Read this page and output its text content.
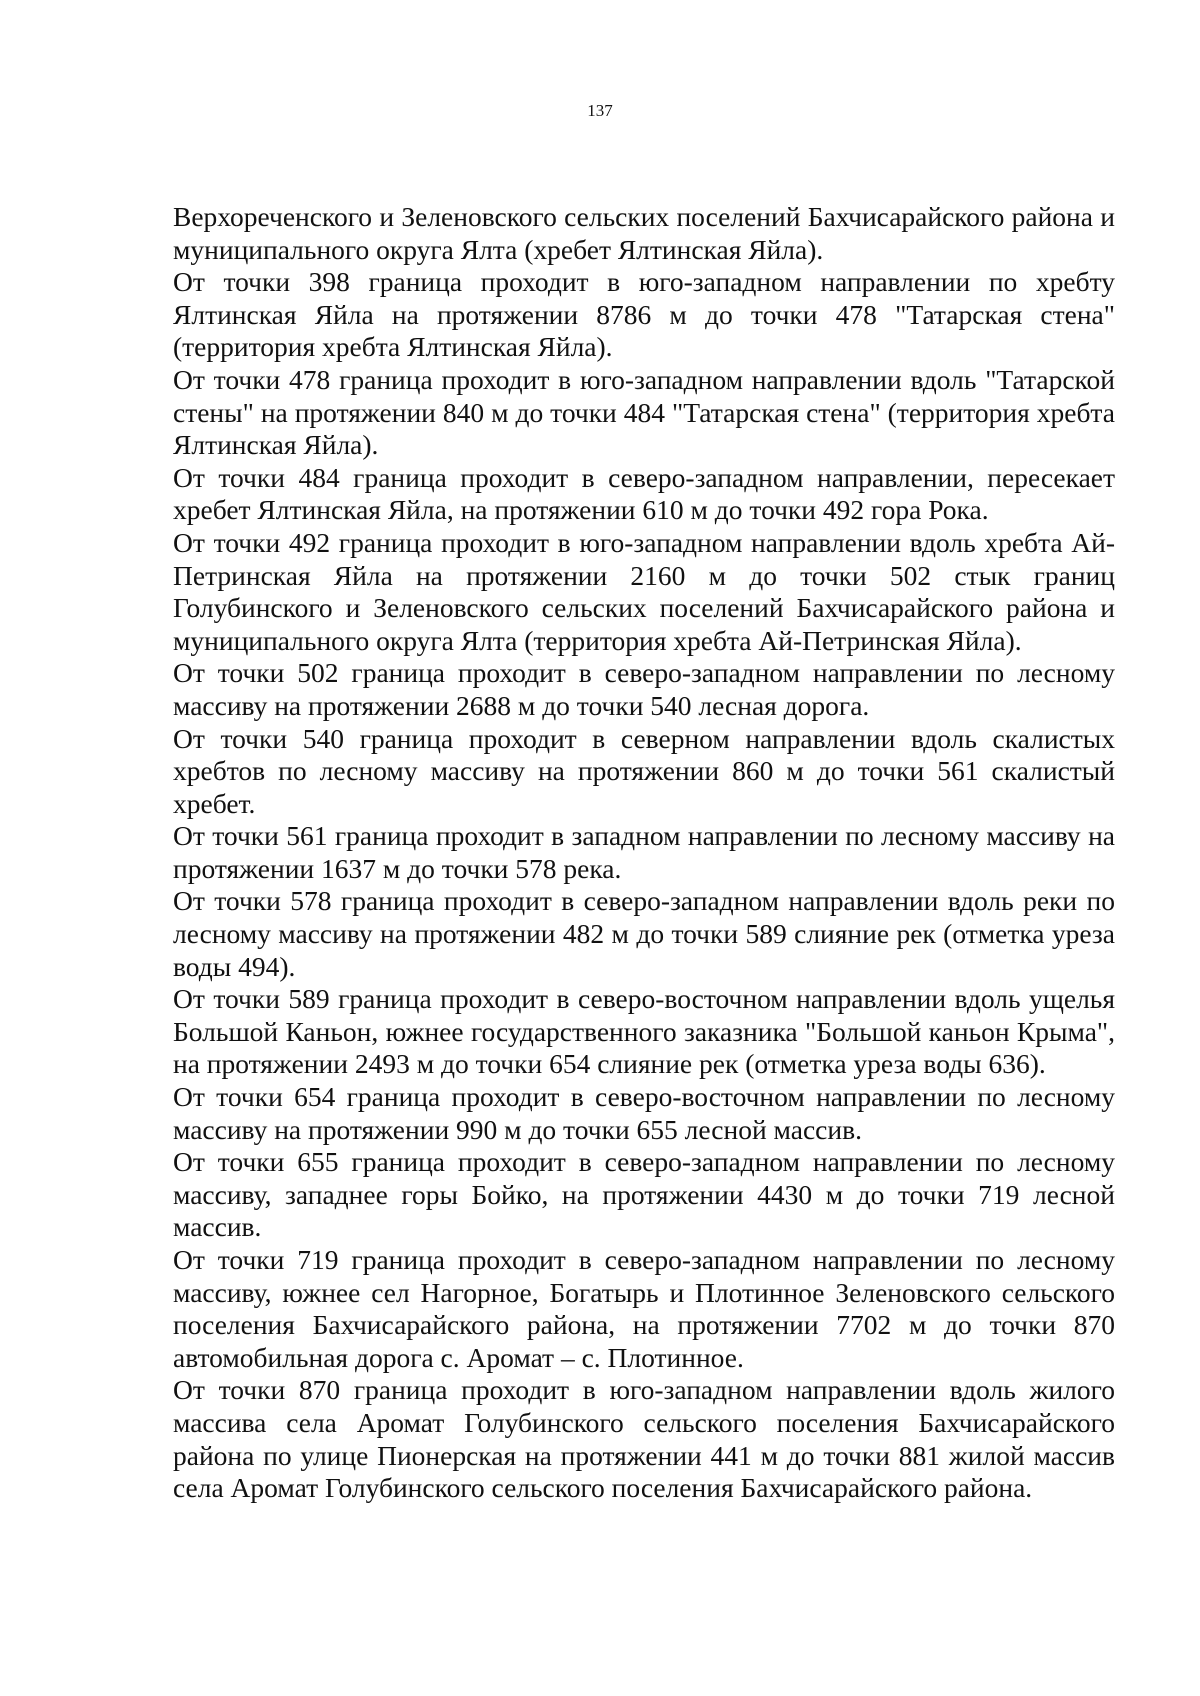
137

Верхореченского и Зеленовского сельских поселений Бахчисарайского района и муниципального округа Ялта (хребет Ялтинская Яйла).

От точки 398 граница проходит в юго-западном направлении по хребту Ялтинская Яйла на протяжении 8786 м до точки 478 "Татарская стена" (территория хребта Ялтинская Яйла).

От точки 478 граница проходит в юго-западном направлении вдоль "Татарской стены" на протяжении 840 м до точки 484 "Татарская стена" (территория хребта Ялтинская Яйла).

От точки 484 граница проходит в северо-западном направлении, пересекает хребет Ялтинская Яйла, на протяжении 610 м до точки 492 гора Рока.

От точки 492 граница проходит в юго-западном направлении вдоль хребта Ай-Петринская Яйла на протяжении 2160 м до точки 502 стык границ Голубинского и Зеленовского сельских поселений Бахчисарайского района и муниципального округа Ялта (территория хребта Ай-Петринская Яйла).

От точки 502 граница проходит в северо-западном направлении по лесному массиву на протяжении 2688 м до точки 540 лесная дорога.

От точки 540 граница проходит в северном направлении вдоль скалистых хребтов по лесному массиву на протяжении 860 м до точки 561 скалистый хребет.

От точки 561 граница проходит в западном направлении по лесному массиву на протяжении 1637 м до точки 578 река.

От точки 578 граница проходит в северо-западном направлении вдоль реки по лесному массиву на протяжении 482 м до точки 589 слияние рек (отметка уреза воды 494).

От точки 589 граница проходит в северо-восточном направлении вдоль ущелья Большой Каньон, южнее государственного заказника "Большой каньон Крыма", на протяжении 2493 м до точки 654 слияние рек (отметка уреза воды 636).

От точки 654 граница проходит в северо-восточном направлении по лесному массиву на протяжении 990 м до точки 655 лесной массив.

От точки 655 граница проходит в северо-западном направлении по лесному массиву, западнее горы Бойко, на протяжении 4430 м до точки 719 лесной массив.

От точки 719 граница проходит в северо-западном направлении по лесному массиву, южнее сел Нагорное, Богатырь и Плотинное Зеленовского сельского поселения Бахчисарайского района, на протяжении 7702 м до точки 870 автомобильная дорога с. Аромат – с. Плотинное.

От точки 870 граница проходит в юго-западном направлении вдоль жилого массива села Аромат Голубинского сельского поселения Бахчисарайского района по улице Пионерская на протяжении 441 м до точки 881 жилой массив села Аромат Голубинского сельского поселения Бахчисарайского района.
